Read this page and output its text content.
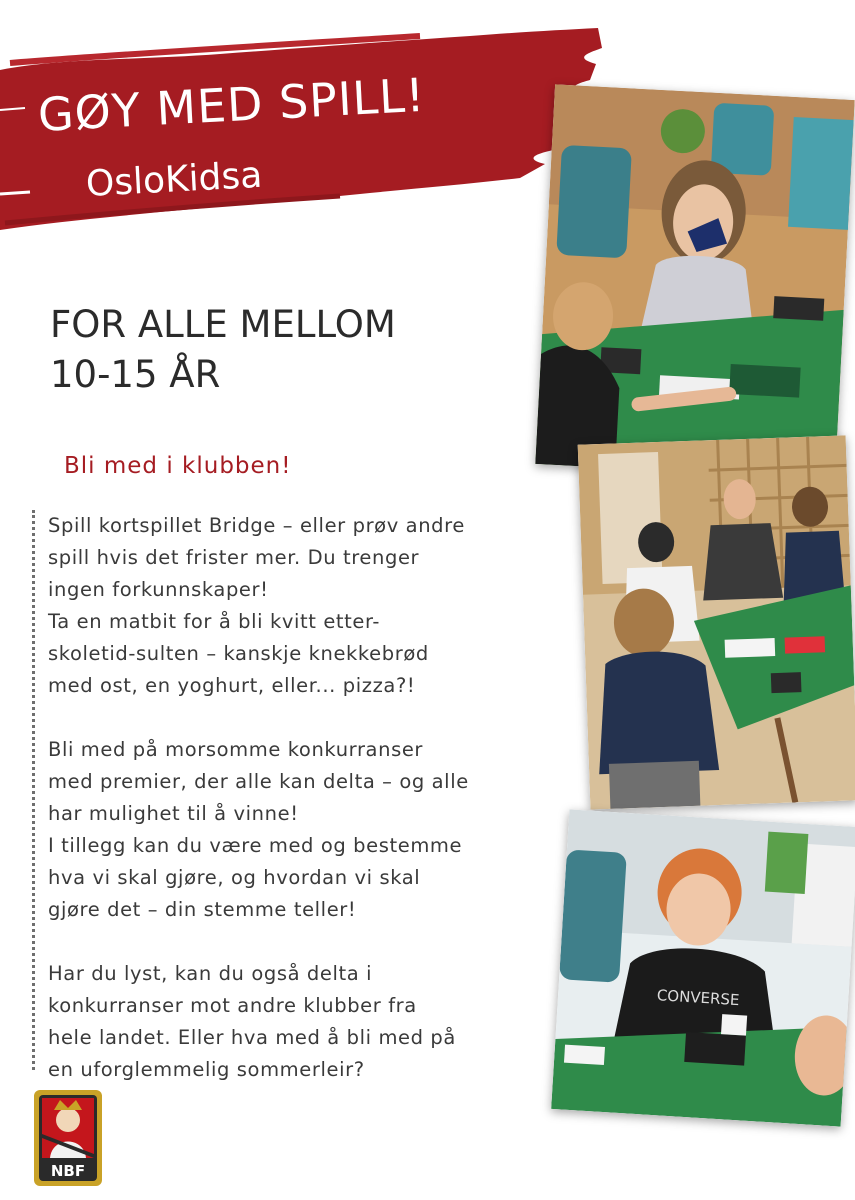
GØY MED SPILL!
OsloKidsa
FOR ALLE MELLOM
10-15 ÅR

Bli med i klubben!

Spill kortspillet Bridge – eller prøv andre
spill hvis det frister mer. Du trenger
ingen forkunnskaper!
Ta en matbit for å bli kvitt etter-
skoletid-sulten – kanskje knekkebrød
med ost, en yoghurt, eller... pizza?!
Bli med på morsomme konkurranser
med premier, der alle kan delta – og alle
har mulighet til å vinne!
I tillegg kan du være med og bestemme
hva vi skal gjøre, og hvordan vi skal
gjøre det – din stemme teller!
Har du lyst, kan du også delta i
konkurranser mot andre klubber fra
hele landet. Eller hva med å bli med på
en uforglemmelig sommerleir?
CONVERSE
NBF
